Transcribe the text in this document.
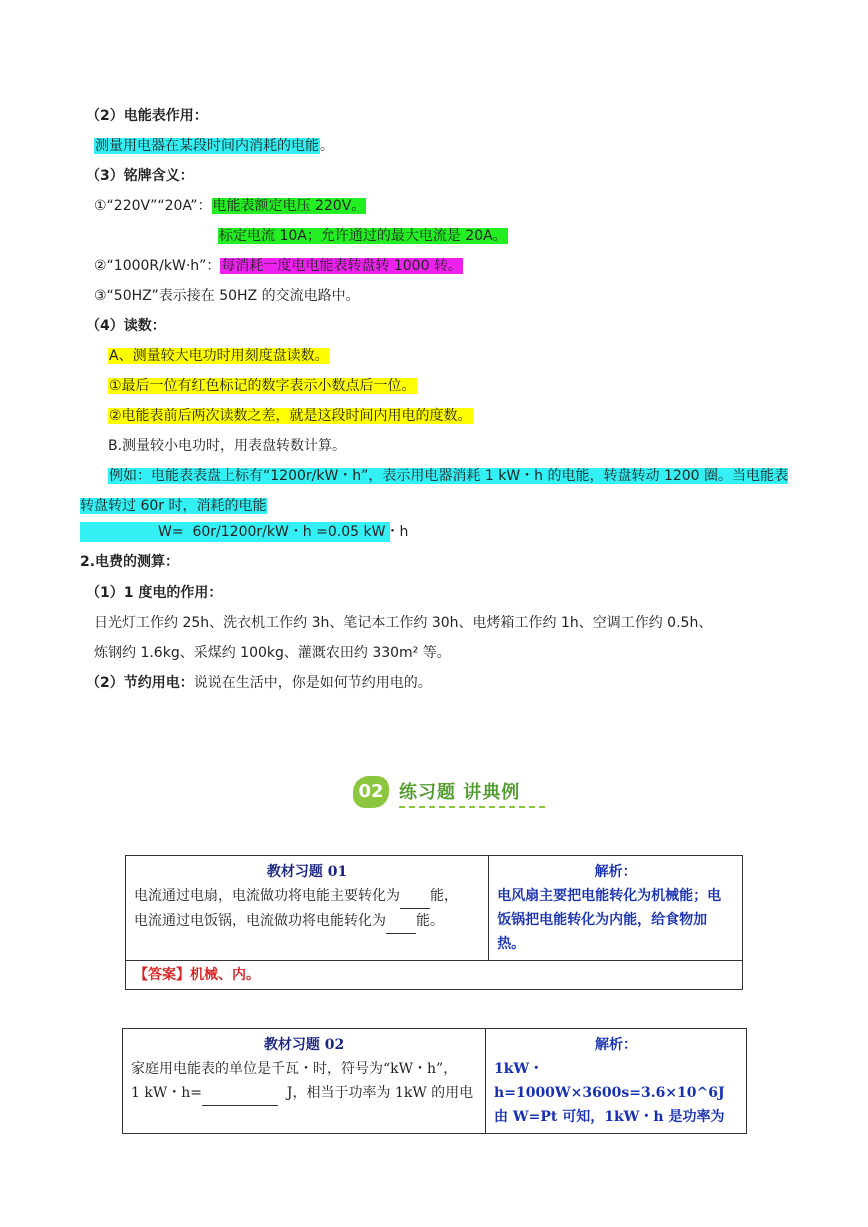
（2）电能表作用：
测量用电器在某段时间内消耗的电能。
（3）铭牌含义：
①“220V”“20A”：电能表额定电压 220V。
标定电流 10A；允许通过的最大电流是 20A。
②“1000R/kW·h”：每消耗一度电电能表转盘转 1000 转。
③“50HZ”表示接在 50HZ 的交流电路中。
（4）读数：
A、测量较大电功时用刻度盘读数。
①最后一位有红色标记的数字表示小数点后一位。
②电能表前后两次读数之差，就是这段时间内用电的度数。
B.测量较小电功时，用表盘转数计算。
例如：电能表表盘上标有“1200r/kW・h”，表示用电器消耗 1 kW・h 的电能，转盘转动 1200 圈。当电能表转盘转过 60r 时，消耗的电能
W=  60r/1200r/kW・h =0.05 kW・h
2.电费的测算：
（1）1 度电的作用：
日光灯工作约 25h、洗衣机工作约 3h、笔记本工作约 30h、电烤箱工作约 1h、空调工作约 0.5h、
炼钢约 1.6kg、采煤约 100kg、灌溉农田约 330m² 等。
（2）节约用电：说说在生活中，你是如何节约用电的。
02 练习题 讲典例
教材习题 01
电流通过电扇，电流做功将电能主要转化为 能，
电流通过电饭锅，电流做功将电能转化为 能。

解析：
电风扇主要把电能转化为机械能；电饭锅把电能转化为内能，给食物加热。

【答案】机械、内。
教材习题 02
家庭用电能表的单位是千瓦・时，符号为“kW・h”，
1 kW・h=	J，相当于功率为 1kW 的用电

解析：
1kW・h=1000W×3600s=3.6×10^6J
由 W=Pt 可知，1kW・h 是功率为
